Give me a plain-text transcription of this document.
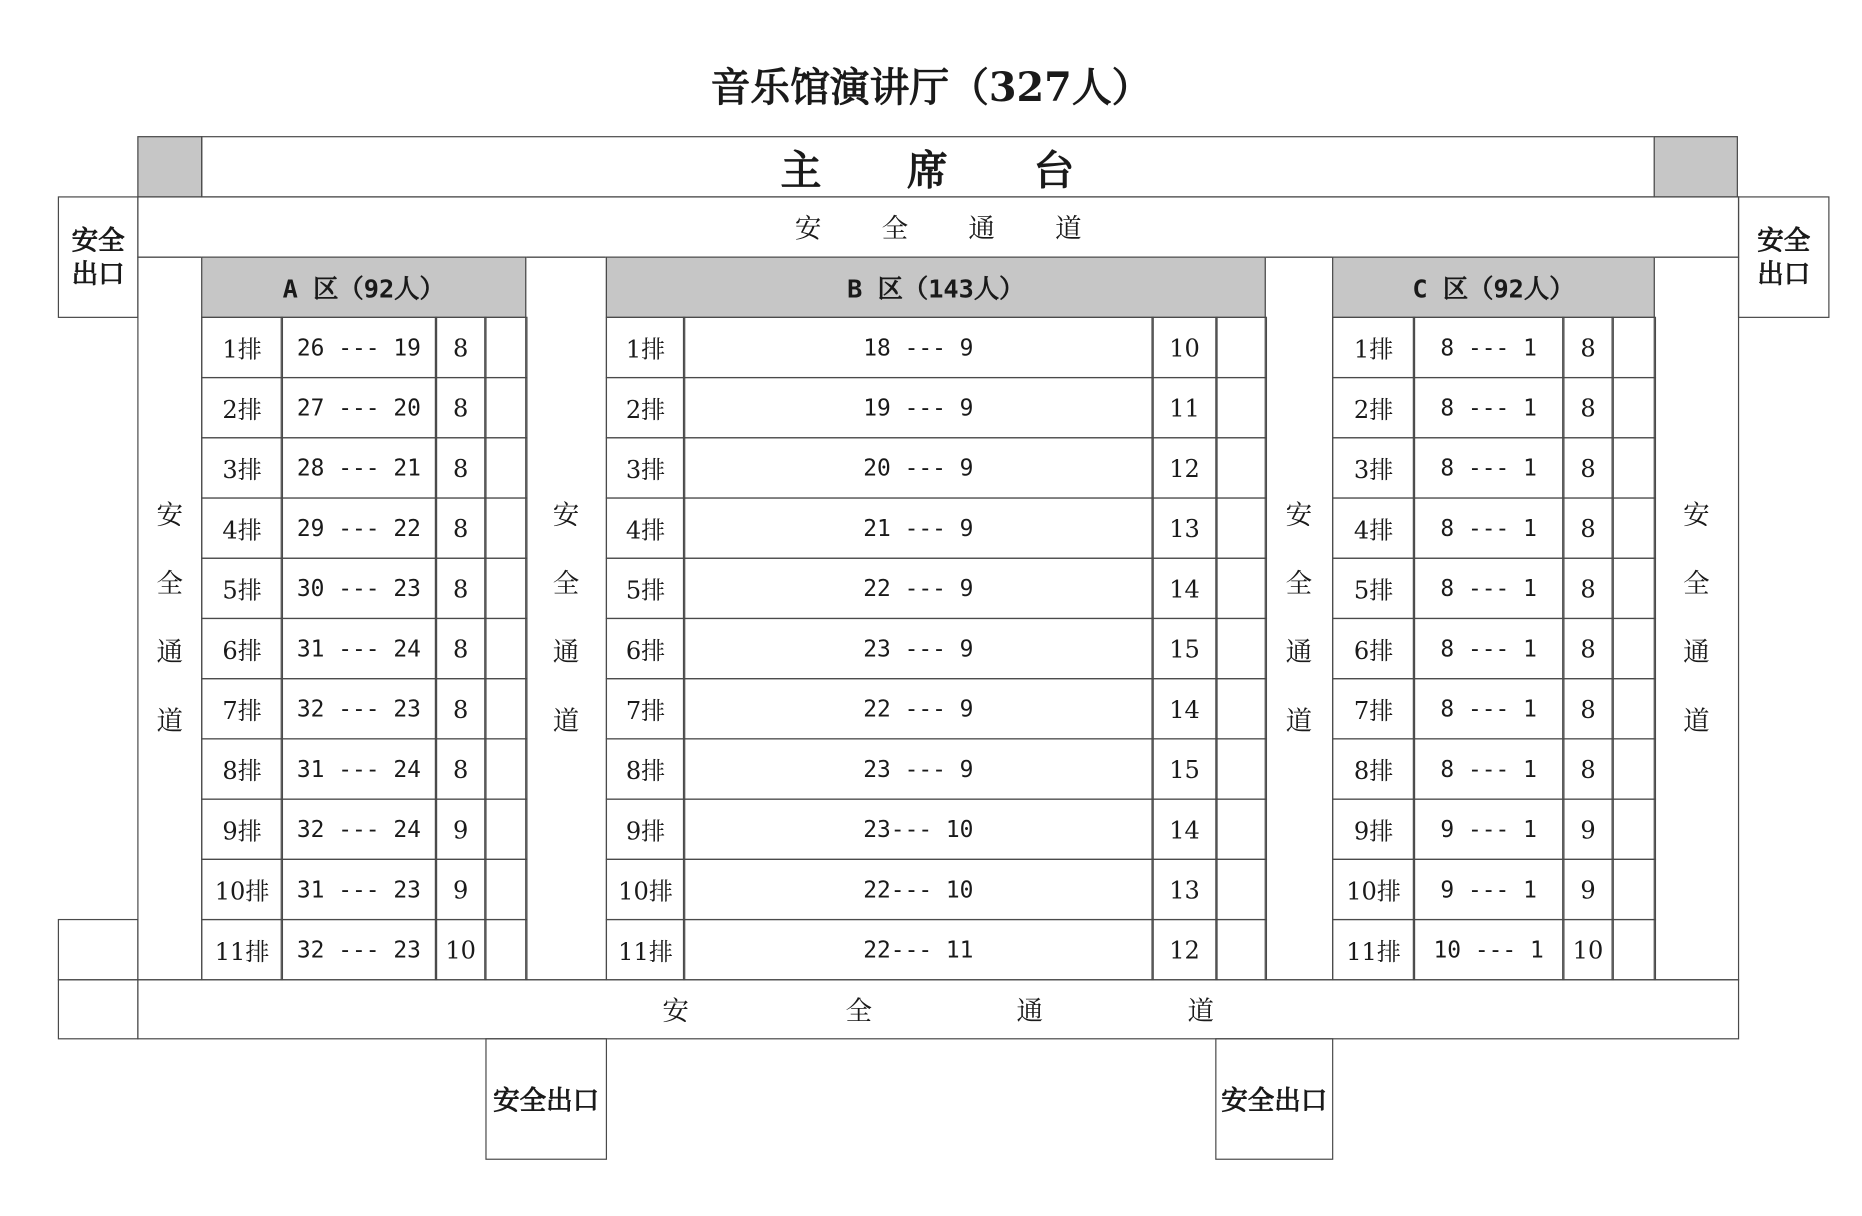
音乐馆演讲厅（327人）
主 席 台
安	全	通	道
安全
出口
安全
出口
安
全
通
道
安
全
通
道
安
全
通
道
安
全
通
道
A 区（92人）	B 区（143人）	C 区（92人）
1排	26 --- 19	8
2排	27 --- 20	8
3排	28 --- 21	8
4排	29 --- 22	8
5排	30 --- 23	8
6排	31 --- 24	8
7排	32 --- 23	8
8排	31 --- 24	8
9排	32 --- 24	9
10排	31 --- 23	9
11排	32 --- 23	10
1排	18 --- 9	10
2排	19 --- 9	11
3排	20 --- 9	12
4排	21 --- 9	13
5排	22 --- 9	14
6排	23 --- 9	15
7排	22 --- 9	14
8排	23 --- 9	15
9排	23--- 10	14
10排	22--- 10	13
11排	22--- 11	12
1排	8 --- 1	8
2排	8 --- 1	8
3排	8 --- 1	8
4排	8 --- 1	8
5排	8 --- 1	8
6排	8 --- 1	8
7排	8 --- 1	8
8排	8 --- 1	8
9排	9 --- 1	9
10排	9 --- 1	9
11排	10 --- 1	10
安	全	通	道
安全出口	安全出口
